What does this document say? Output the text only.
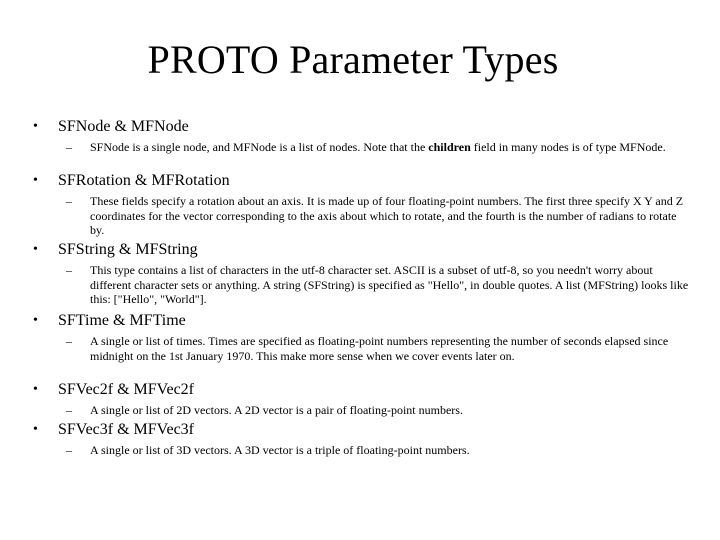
PROTO Parameter Types
• SFNode & MFNode
– SFNode is a single node, and MFNode is a list of nodes. Note that the children field in many nodes is of type MFNode.
• SFRotation & MFRotation
– These fields specify a rotation about an axis. It is made up of four floating-point numbers. The first three specify X Y and Z coordinates for the vector corresponding to the axis about which to rotate, and the fourth is the number of radians to rotate by.
• SFString & MFString
– This type contains a list of characters in the utf-8 character set. ASCII is a subset of utf-8, so you needn't worry about different character sets or anything. A string (SFString) is specified as "Hello", in double quotes. A list (MFString) looks like this: ["Hello", "World"].
• SFTime & MFTime
– A single or list of times. Times are specified as floating-point numbers representing the number of seconds elapsed since midnight on the 1st January 1970. This make more sense when we cover events later on.
• SFVec2f & MFVec2f
– A single or list of 2D vectors. A 2D vector is a pair of floating-point numbers.
• SFVec3f & MFVec3f
– A single or list of 3D vectors. A 3D vector is a triple of floating-point numbers.
